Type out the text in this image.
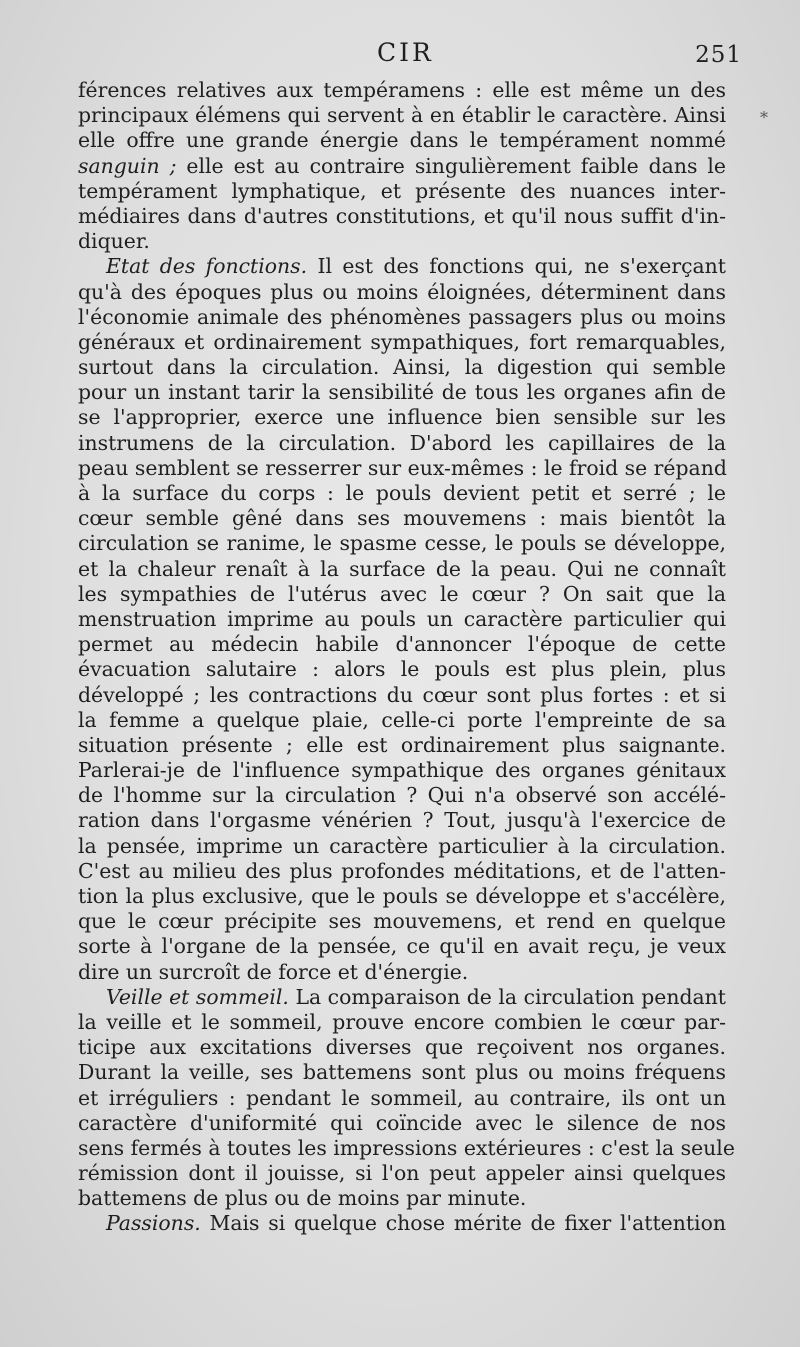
CIR	251
*
férences relatives aux tempéramens : elle est même un des
principaux élémens qui servent à en établir le caractère. Ainsi
elle offre une grande énergie dans le tempérament nommé
sanguin ; elle est au contraire singulièrement faible dans le
tempérament lymphatique, et présente des nuances inter-
médiaires dans d'autres constitutions, et qu'il nous suffit d'in-
diquer.
Etat des fonctions. Il est des fonctions qui, ne s'exerçant
qu'à des époques plus ou moins éloignées, déterminent dans
l'économie animale des phénomènes passagers plus ou moins
généraux et ordinairement sympathiques, fort remarquables,
surtout dans la circulation. Ainsi, la digestion qui semble
pour un instant tarir la sensibilité de tous les organes afin de
se l'approprier, exerce une influence bien sensible sur les
instrumens de la circulation. D'abord les capillaires de la
peau semblent se resserrer sur eux-mêmes : le froid se répand
à la surface du corps : le pouls devient petit et serré ; le
cœur semble gêné dans ses mouvemens : mais bientôt la
circulation se ranime, le spasme cesse, le pouls se développe,
et la chaleur renaît à la surface de la peau. Qui ne connaît
les sympathies de l'utérus avec le cœur ? On sait que la
menstruation imprime au pouls un caractère particulier qui
permet au médecin habile d'annoncer l'époque de cette
évacuation salutaire : alors le pouls est plus plein, plus
développé ; les contractions du cœur sont plus fortes : et si
la femme a quelque plaie, celle-ci porte l'empreinte de sa
situation présente ; elle est ordinairement plus saignante.
Parlerai-je de l'influence sympathique des organes génitaux
de l'homme sur la circulation ? Qui n'a observé son accélé-
ration dans l'orgasme vénérien ? Tout, jusqu'à l'exercice de
la pensée, imprime un caractère particulier à la circulation.
C'est au milieu des plus profondes méditations, et de l'atten-
tion la plus exclusive, que le pouls se développe et s'accélère,
que le cœur précipite ses mouvemens, et rend en quelque
sorte à l'organe de la pensée, ce qu'il en avait reçu, je veux
dire un surcroît de force et d'énergie.
Veille et sommeil. La comparaison de la circulation pendant
la veille et le sommeil, prouve encore combien le cœur par-
ticipe aux excitations diverses que reçoivent nos organes.
Durant la veille, ses battemens sont plus ou moins fréquens
et irréguliers : pendant le sommeil, au contraire, ils ont un
caractère d'uniformité qui coïncide avec le silence de nos
sens fermés à toutes les impressions extérieures : c'est la seule
rémission dont il jouisse, si l'on peut appeler ainsi quelques
battemens de plus ou de moins par minute.
Passions. Mais si quelque chose mérite de fixer l'attention
